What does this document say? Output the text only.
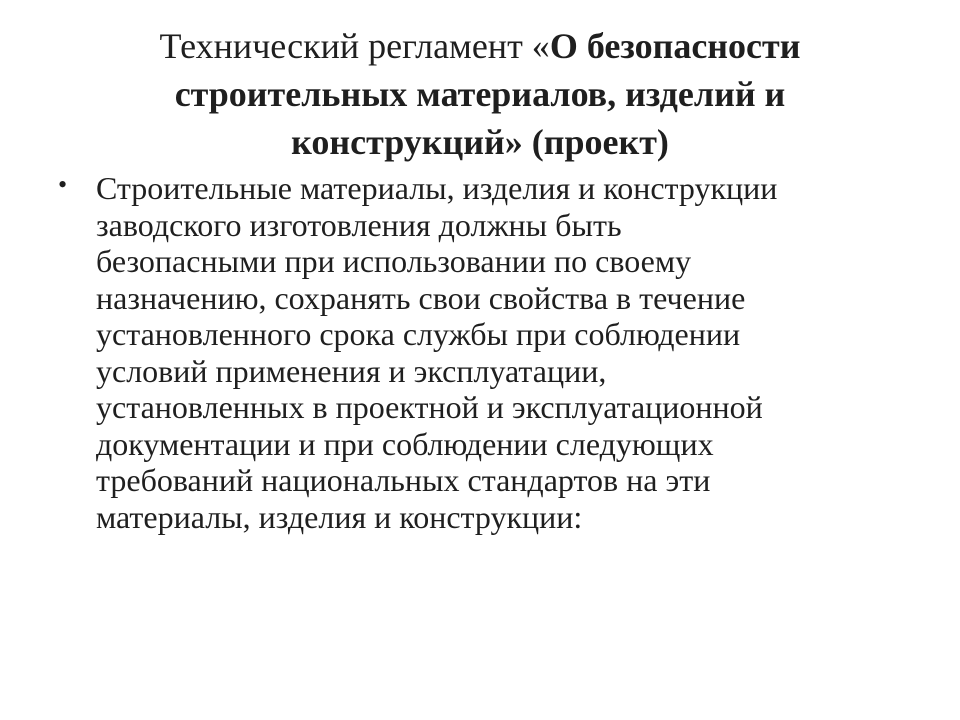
Технический регламент «О безопасности
строительных материалов, изделий и
конструкций» (проект)
• Строительные материалы, изделия и конструкции
заводского изготовления должны быть
безопасными при использовании по своему
назначению, сохранять свои свойства в течение
установленного срока службы при соблюдении
условий применения и эксплуатации,
установленных в проектной и эксплуатационной
документации и при соблюдении следующих
требований национальных стандартов на эти
материалы, изделия и конструкции:
